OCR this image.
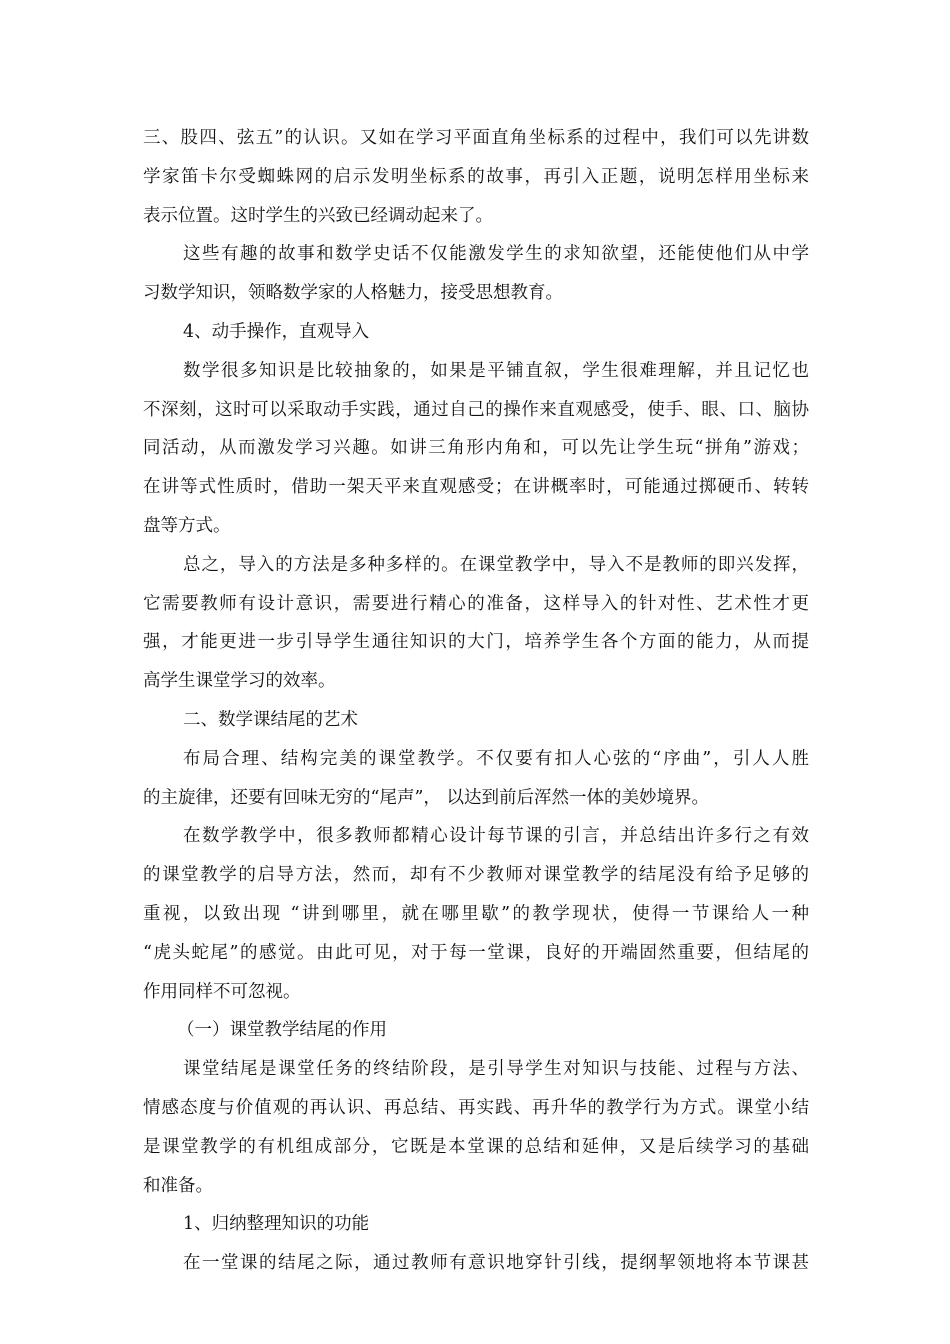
三、股四、弦五”的认识。又如在学习平面直角坐标系的过程中，我们可以先讲数
学家笛卡尔受蜘蛛网的启示发明坐标系的故事，再引入正题，说明怎样用坐标来
表示位置。这时学生的兴致已经调动起来了。
这些有趣的故事和数学史话不仅能激发学生的求知欲望，还能使他们从中学
习数学知识，领略数学家的人格魅力，接受思想教育。
4、动手操作，直观导入
数学很多知识是比较抽象的，如果是平铺直叙，学生很难理解，并且记忆也
不深刻，这时可以采取动手实践，通过自己的操作来直观感受，使手、眼、口、脑协
同活动，从而激发学习兴趣。如讲三角形内角和，可以先让学生玩“拼角”游戏；
在讲等式性质时，借助一架天平来直观感受；在讲概率时，可能通过掷硬币、转转
盘等方式。
总之，导入的方法是多种多样的。在课堂教学中，导入不是教师的即兴发挥，
它需要教师有设计意识，需要进行精心的准备，这样导入的针对性、艺术性才更
强，才能更进一步引导学生通往知识的大门，培养学生各个方面的能力，从而提
高学生课堂学习的效率。
二、数学课结尾的艺术
布局合理、结构完美的课堂教学。不仅要有扣人心弦的“序曲”，引人人胜
的主旋律，还要有回味无穷的“尾声”， 以达到前后浑然一体的美妙境界。
在数学教学中，很多教师都精心设计每节课的引言，并总结出许多行之有效
的课堂教学的启导方法，然而，却有不少教师对课堂教学的结尾没有给予足够的
重视，以致出现 “讲到哪里，就在哪里歇”的教学现状，使得一节课给人一种
“虎头蛇尾”的感觉。由此可见，对于每一堂课，良好的开端固然重要，但结尾的
作用同样不可忽视。
（一）课堂教学结尾的作用
课堂结尾是课堂任务的终结阶段，是引导学生对知识与技能、过程与方法、
情感态度与价值观的再认识、再总结、再实践、再升华的教学行为方式。课堂小结
是课堂教学的有机组成部分，它既是本堂课的总结和延伸，又是后续学习的基础
和准备。
1、归纳整理知识的功能
在一堂课的结尾之际，通过教师有意识地穿针引线，提纲挈领地将本节课甚
